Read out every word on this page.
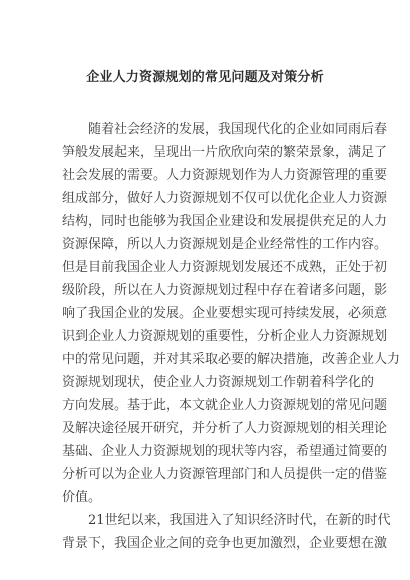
企业人力资源规划的常见问题及对策分析
随着社会经济的发展，我国现代化的企业如同雨后春
笋般发展起来，呈现出一片欣欣向荣的繁荣景象，满足了
社会发展的需要。人力资源规划作为人力资源管理的重要
组成部分，做好人力资源规划不仅可以优化企业人力资源
结构，同时也能够为我国企业建设和发展提供充足的人力
资源保障，所以人力资源规划是企业经常性的工作内容。
但是目前我国企业人力资源规划发展还不成熟，正处于初
级阶段，所以在人力资源规划过程中存在着诸多问题，影
响了我国企业的发展。企业要想实现可持续发展，必须意
识到企业人力资源规划的重要性，分析企业人力资源规划
中的常见问题，并对其采取必要的解决措施，改善企业人力
资源规划现状，使企业人力资源规划工作朝着科学化的
方向发展。基于此，本文就企业人力资源规划的常见问题
及解决途径展开研究，并分析了人力资源规划的相关理论
基础、企业人力资源规划的现状等内容，希望通过简要的
分析可以为企业人力资源管理部门和人员提供一定的借鉴
价值。
21世纪以来，我国进入了知识经济时代，在新的时代
背景下，我国企业之间的竞争也更加激烈，企业要想在激
